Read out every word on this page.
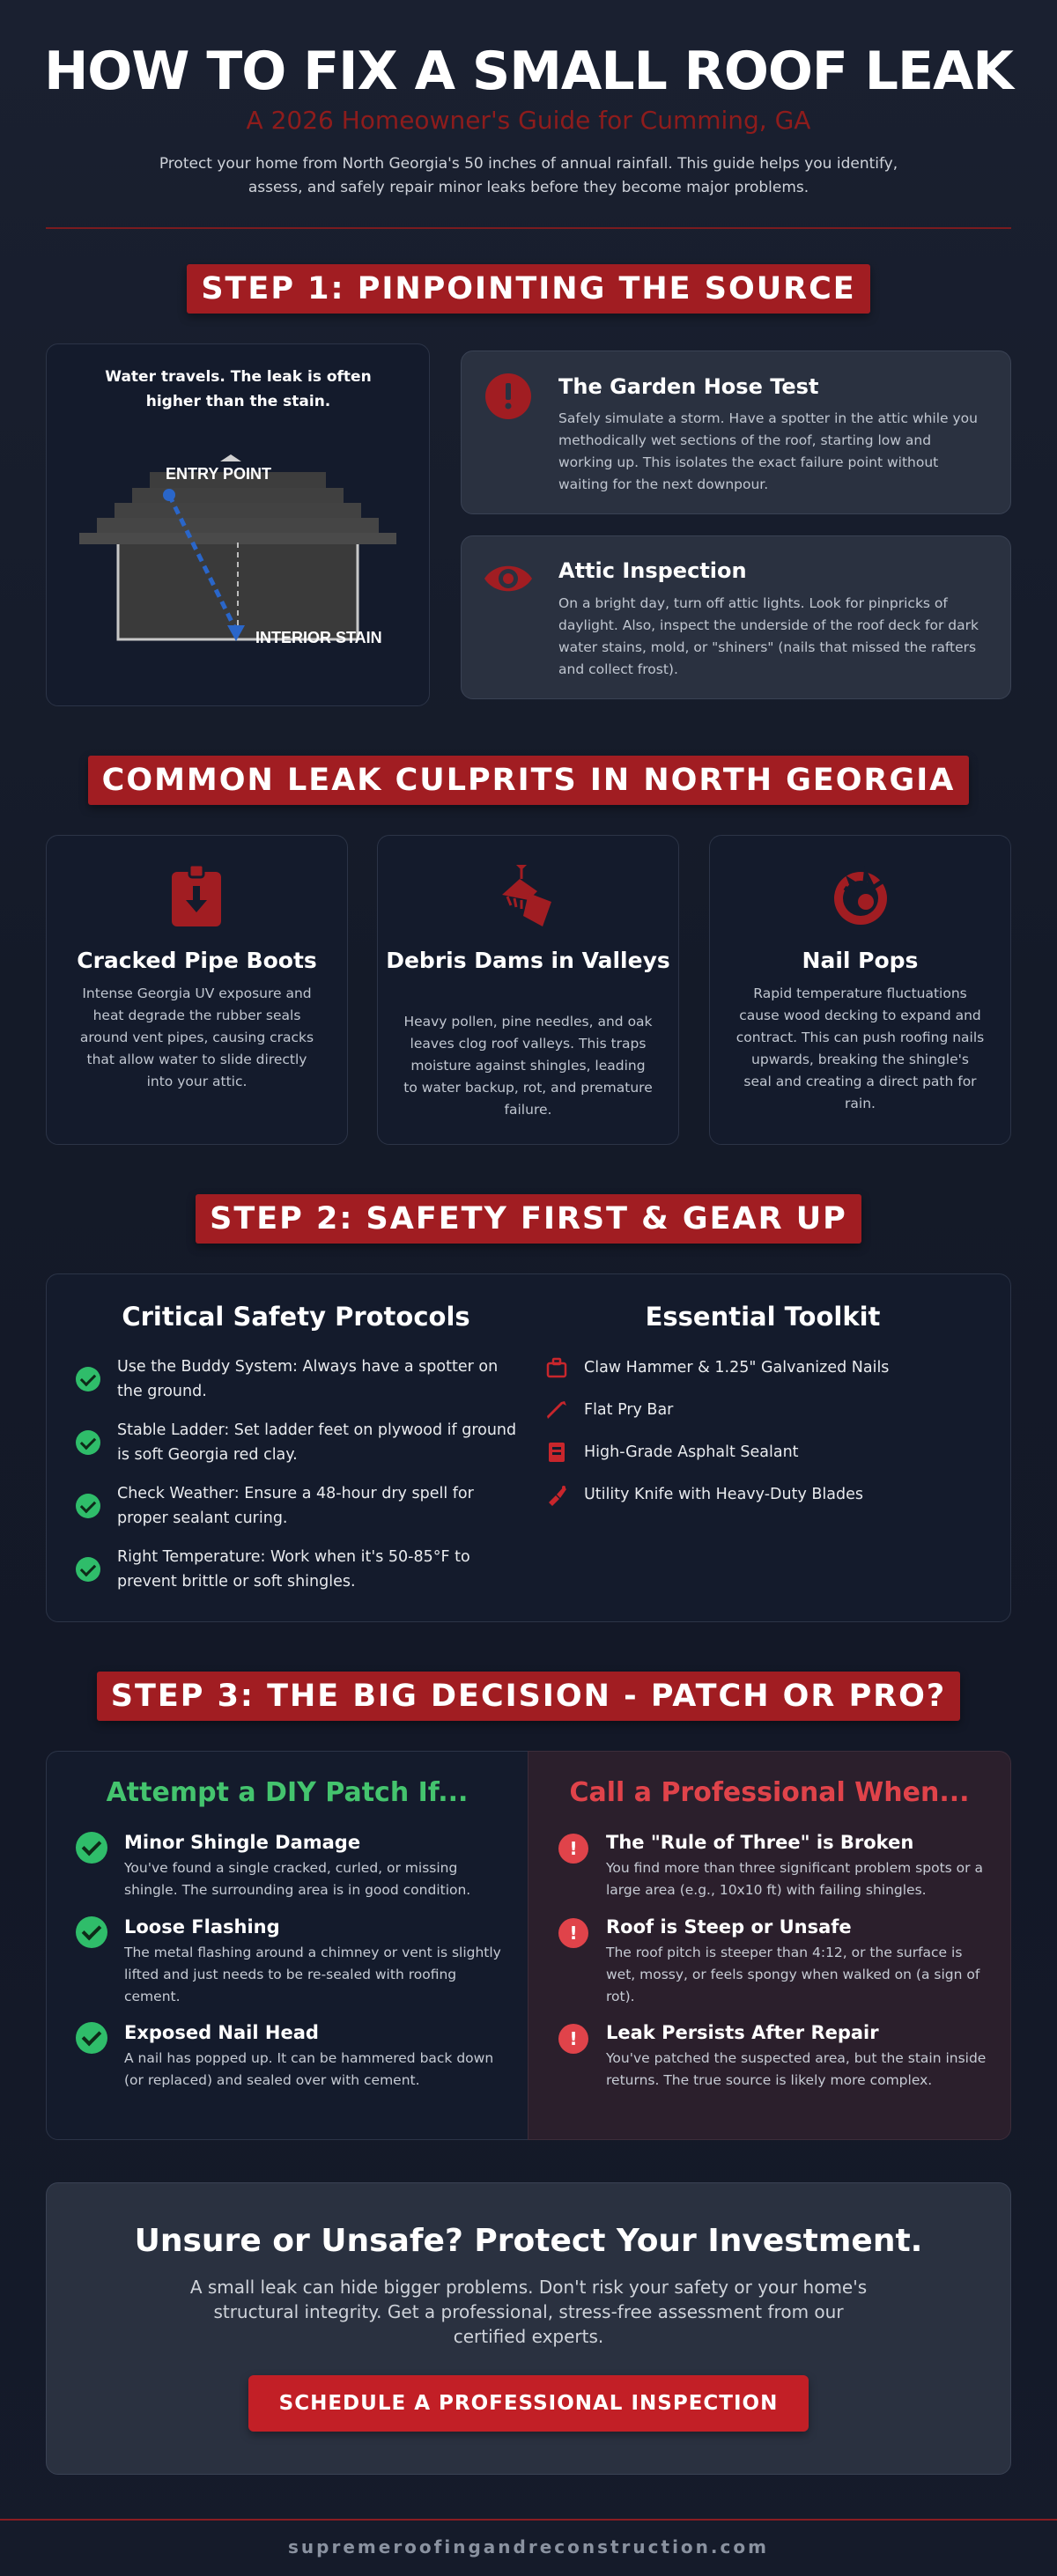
HOW TO FIX A SMALL ROOF LEAK
A 2026 Homeowner's Guide for Cumming, GA

Protect your home from North Georgia's 50 inches of annual rainfall. This guide helps you identify, assess, and safely repair minor leaks before they become major problems.

STEP 1: PINPOINTING THE SOURCE
Water travels. The leak is often higher than the stain.
ENTRY POINT
INTERIOR STAIN
The Garden Hose Test

Safely simulate a storm. Have a spotter in the attic while you methodically wet sections of the roof, starting low and working up. This isolates the exact failure point without waiting for the next downpour.

Attic Inspection

On a bright day, turn off attic lights. Look for pinpricks of daylight. Also, inspect the underside of the roof deck for dark water stains, mold, or "shiners" (nails that missed the rafters and collect frost).

COMMON LEAK CULPRITS IN NORTH GEORGIA
Cracked Pipe Boots

Intense Georgia UV exposure and heat degrade the rubber seals around vent pipes, causing cracks that allow water to slide directly into your attic.

Debris Dams in Valleys

Heavy pollen, pine needles, and oak leaves clog roof valleys. This traps moisture against shingles, leading to water backup, rot, and premature failure.

Nail Pops

Rapid temperature fluctuations cause wood decking to expand and contract. This can push roofing nails upwards, breaking the shingle's seal and creating a direct path for rain.

STEP 2: SAFETY FIRST & GEAR UP
Critical Safety Protocols

Use the Buddy System: Always have a spotter on the ground.

Stable Ladder: Set ladder feet on plywood if ground is soft Georgia red clay.

Check Weather: Ensure a 48-hour dry spell for proper sealant curing.

Right Temperature: Work when it's 50-85°F to prevent brittle or soft shingles.

Essential Toolkit
Claw Hammer & 1.25" Galvanized Nails
Flat Pry Bar
High-Grade Asphalt Sealant
Utility Knife with Heavy-Duty Blades
STEP 3: THE BIG DECISION - PATCH OR PRO?
Attempt a DIY Patch If...
Minor Shingle Damage

You've found a single cracked, curled, or missing shingle. The surrounding area is in good condition.

Loose Flashing

The metal flashing around a chimney or vent is slightly lifted and just needs to be re-sealed with roofing cement.

Exposed Nail Head

A nail has popped up. It can be hammered back down (or replaced) and sealed over with cement.

Call a Professional When...
!	The "Rule of Three" is Broken

You find more than three significant problem spots or a large area (e.g., 10x10 ft) with failing shingles.

!	Roof is Steep or Unsafe

The roof pitch is steeper than 4:12, or the surface is wet, mossy, or feels spongy when walked on (a sign of rot).

!	Leak Persists After Repair

You've patched the suspected area, but the stain inside returns. The true source is likely more complex.

Unsure or Unsafe? Protect Your Investment.

A small leak can hide bigger problems. Don't risk your safety or your home's structural integrity. Get a professional, stress-free assessment from our certified experts.

SCHEDULE A PROFESSIONAL INSPECTION
supremeroofingandreconstruction.com
